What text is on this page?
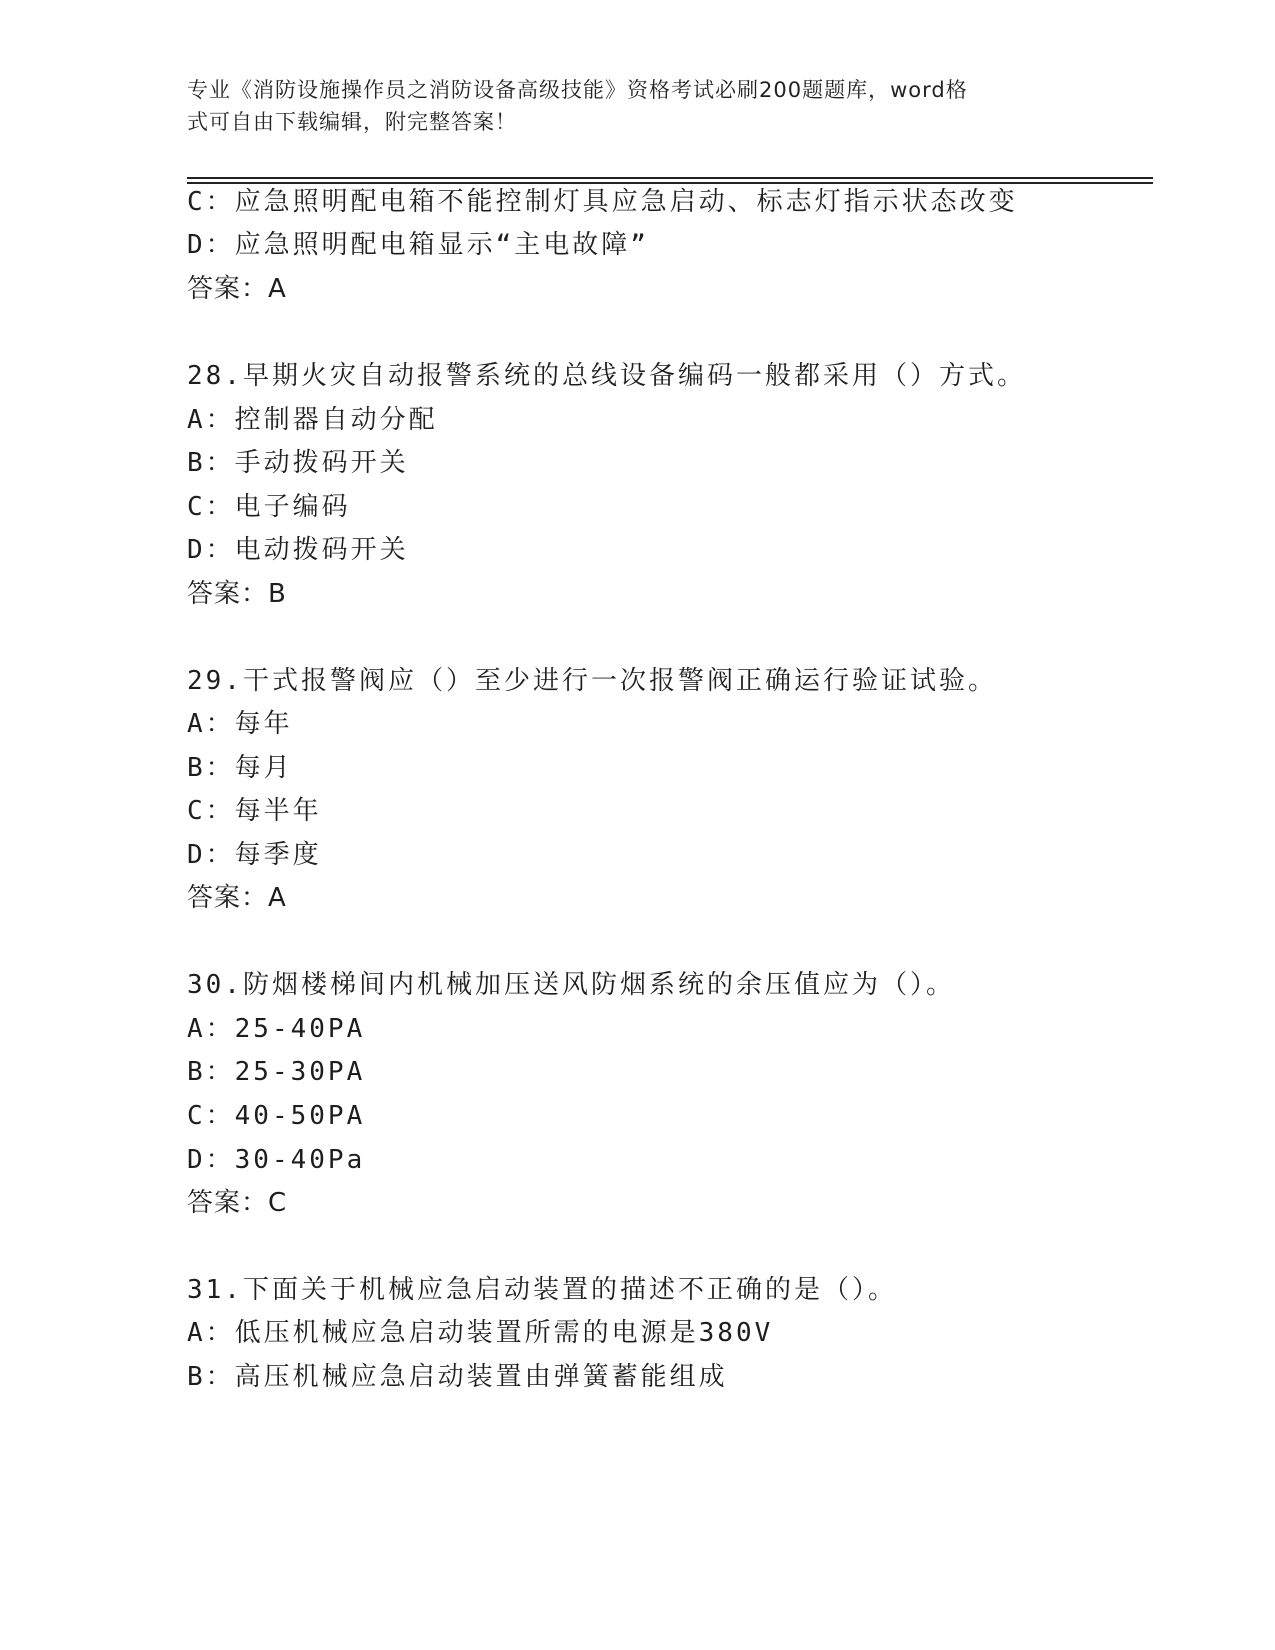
专业《消防设施操作员之消防设备高级技能》资格考试必刷200题题库，word格
式可自由下载编辑，附完整答案！
C：应急照明配电箱不能控制灯具应急启动、标志灯指示状态改变
D：应急照明配电箱显示“主电故障”
答案：A
28.早期火灾自动报警系统的总线设备编码一般都采用（）方式。
A：控制器自动分配
B：手动拨码开关
C：电子编码
D：电动拨码开关
答案：B
29.干式报警阀应（）至少进行一次报警阀正确运行验证试验。
A：每年
B：每月
C：每半年
D：每季度
答案：A
30.防烟楼梯间内机械加压送风防烟系统的余压值应为（）。
A：25-40PA
B：25-30PA
C：40-50PA
D：30-40Pa
答案：C
31.下面关于机械应急启动装置的描述不正确的是（）。
A：低压机械应急启动装置所需的电源是380V
B：高压机械应急启动装置由弹簧蓄能组成
